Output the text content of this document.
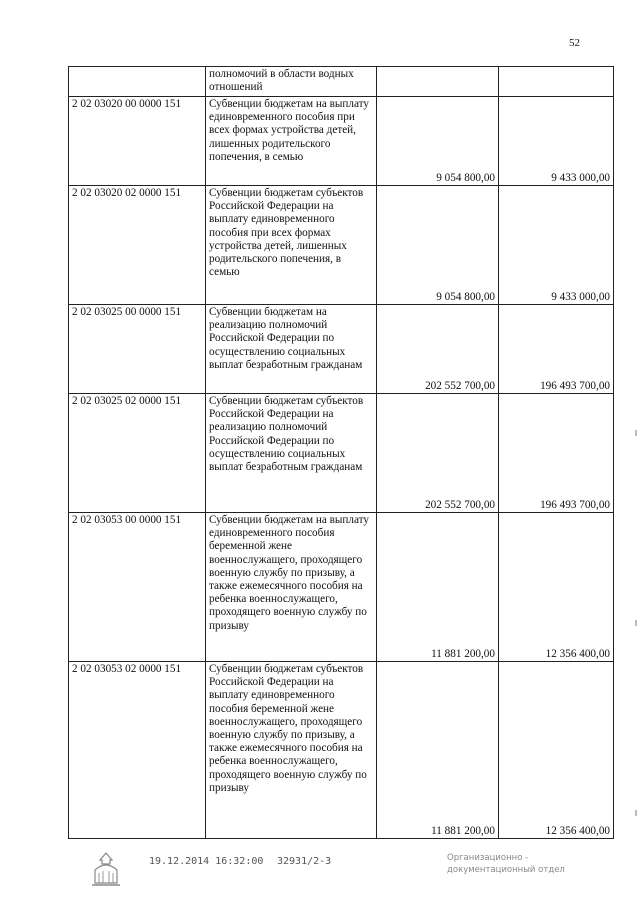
52
	полномочий в области водных отношений		
2 02 03020 00 0000 151	Субвенции бюджетам на выплату единовременного пособия при всех формах устройства детей, лишенных родительского попечения, в семью	9 054 800,00	9 433 000,00
2 02 03020 02 0000 151	Субвенции бюджетам субъектов Российской Федерации на выплату единовременного пособия при всех формах устройства детей, лишенных родительского попечения, в семью	9 054 800,00	9 433 000,00
2 02 03025 00 0000 151	Субвенции бюджетам на реализацию полномочий Российской Федерации по осуществлению социальных выплат безработным гражданам	202 552 700,00	196 493 700,00
2 02 03025 02 0000 151	Субвенции бюджетам субъектов Российской Федерации на реализацию полномочий Российской Федерации по осуществлению социальных выплат безработным гражданам	202 552 700,00	196 493 700,00
2 02 03053 00 0000 151	Субвенции бюджетам на выплату единовременного пособия беременной жене военнослужащего, проходящего военную службу по призыву, а также ежемесячного пособия на ребенка военнослужащего, проходящего военную службу по призыву	11 881 200,00	12 356 400,00
2 02 03053 02 0000 151	Субвенции бюджетам субъектов Российской Федерации на выплату единовременного пособия беременной жене военнослужащего, проходящего военную службу по призыву, а также ежемесячного пособия на ребенка военнослужащего, проходящего военную службу по призыву	11 881 200,00	12 356 400,00
19.12.2014 16:32:00 32931/2-3	Организационно -
документационный отдел
